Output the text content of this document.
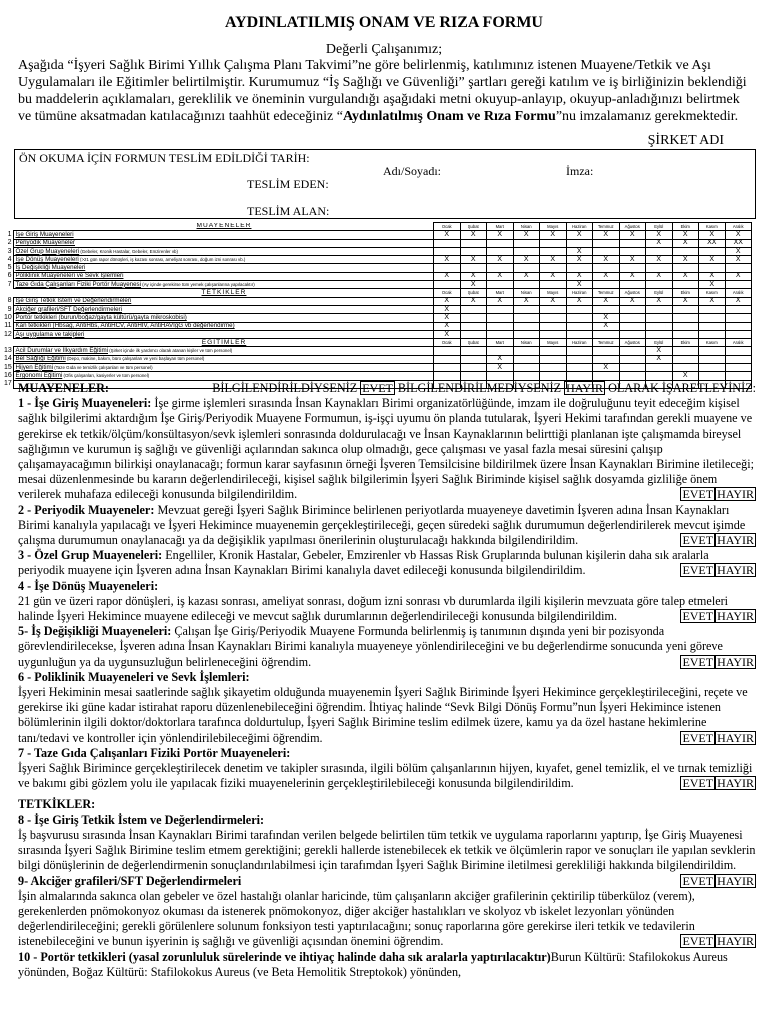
AYDINLATILMIŞ ONAM VE RIZA FORMU
Değerli Çalışanımız;
Aşağıda “İşyeri Sağlık Birimi Yıllık Çalışma Planı Takvimi”ne göre belirlenmiş, katılımınız istenen Muayene/Tetkik ve Aşı Uygulamaları ile Eğitimler belirtilmiştir. Kurumumuz “İş Sağlığı ve Güvenliği” şartları gereği katılım ve iş birliğinizin beklendiği bu maddelerin açıklamaları, gereklilik ve öneminin vurgulandığı aşağıdaki metni okuyup-anlayıp, okuyup-anladığınızı belirtmek ve tümüne aksatmadan katılacağınızı taahhüt edeceğiniz “Aydınlatılmış Onam ve Rıza Formu”nu imzalamanız gerekmektedir.
ŞİRKET ADI
ÖN OKUMA İÇİN FORMUN TESLİM EDİLDİĞİ TARİH:
Adı/Soyadı:	İmza:
TESLİM EDEN:
TESLİM ALAN:
	MUAYENELER	Ocak	Şubat	Mart	Nisan	Mayıs	Haziran	Temmuz	Ağustos	Eylül	Ekim	Kasım	Aralık
1	İşe Giriş Muayeneleri	X	X	X	X	X	X	X	X	X	X	X	X
2	Periyodik Muayeneler									X	X	XX	XX
3	Özel Grup Muayeneleri (Gebeler, Kronik Hastalar, Gebeler, Emzirenler vb)						X						X
4	İşe Dönüş Muayeneleri (>21 gün rapor dönüşleri, iş kazası sonrası, ameliyat sonrası, doğum izni sonrası vb.)	X	X	X	X	X	X	X	X	X	X	X	X
5	İş Değişikliği Muayeneleri												
6	Poliklinik Muayeneleri ve Sevk İşlemleri	X	X	X	X	X	X	X	X	X	X	X	X
7	Taze Gıda Çalışanları Fiziki Portör Muayenesi (Ay içinde gerekirse tüm yemek çalışanlarına yapılacaktır)		X				X					X	
	TETKİKLER	Ocak	Şubat	Mart	Nisan	Mayıs	Haziran	Temmuz	Ağustos	Eylül	Ekim	Kasım	Aralık
8	İşe Giriş Tetkik İstem ve Değerlendirmeleri	X	X	X	X	X	X	X	X	X	X	X	X
9	Akciğer grafileri/SFT Değerlendirmeleri	X											
10	Portör tetkikleri (burun/boğaz/gayta kültürü/gayta mikroskobisi)	X						X					
11	Kan tetkikleri (Hbsag, AntiHbs, AntiHCV, AntiHIV, AntiHAVIgG vb değerlendirme)	X						X					
12	Aşı uygulama ve takipleri	X											
	EĞİTİMLER	Ocak	Şubat	Mart	Nisan	Mayıs	Haziran	Temmuz	Ağustos	Eylül	Ekim	Kasım	Aralık
13	Acil Durumlar ve İlkyardım Eğitimi (Şirket içinde ilk yardımcı olarak atanan kişiler ve tüm personel)									X			
14	Bel Sağlığı Eğitimi (Depo, makine, bakım, büro çalışanları ve yeni başlayan tüm personel)			X						X			
15	Hijyen Eğitimi (Taze Gıda ve temizlik çalışanları ve tüm personel)			X				X					
16	Ergonomi Eğitimi (Ofis çalışanları, kasiyerler ve tüm personel)										X		
17													MUAYENELER:	BİLGİLENDİRİLDİYSENİZ EVET BİLGİLENDİRİLMEDİYSENİZ HAYIR OLARAK İŞARETLEYİNİZ:

1 - İşe Giriş Muayeneleri: İşe girme işlemleri sırasında İnsan Kaynakları Birimi organizatörlüğünde, imzam ile doğruluğunu teyit edeceğim kişisel sağlık bilgilerimi aktardığım İşe Giriş/Periyodik Muayene Formumun, iş-işçi uyumu ön planda tutularak, İşyeri Hekimi tarafından gerekli muayene ve gerekirse ek tetkik/ölçüm/konsültasyon/sevk işlemleri sonrasında doldurulacağı ve İnsan Kaynaklarının belirttiği planlanan işte çalışmamda bireysel sağlığımın ve kurumun iş sağlığı ve güvenliği açılarından sakınca olup olmadığı, gece çalışması ve yasal fazla mesai süresini çalışıp çalışamayacağımın bilirkişi onaylanacağı; formun karar sayfasının örneği İşveren Temsilcisine bildirilmek üzere İnsan Kaynakları Birimine iletileceği; mesai düzenlenmesinde bu kararın değerlendirileceği, kişisel sağlık bilgilerimin İşyeri Sağlık Biriminde kişisel sağlık dosyamda gizliliğe önem verilerek muhafaza edileceği konusunda bilgilendirildim.	EVET HAYIR

2 - Periyodik Muayeneler: Mevzuat gereği İşyeri Sağlık Birimince belirlenen periyotlarda muayeneye davetimin İşveren adına İnsan Kaynakları Birimi kanalıyla yapılacağı ve İşyeri Hekimince muayenemin gerçekleştirileceği, geçen süredeki sağlık durumumun değerlendirilerek mevcut işimde çalışma durumumun onaylanacağı ya da değişiklik yapılması önerilerinin oluşturulacağı hakkında bilgilendirildim.	EVET HAYIR

3 - Özel Grup Muayeneleri: Engelliler, Kronik Hastalar, Gebeler, Emzirenler vb Hassas Risk Gruplarında bulunan kişilerin daha sık aralarla periyodik muayene için İşveren adına İnsan Kaynakları Birimi kanalıyla davet edileceği konusunda bilgilendirildim.	EVET HAYIR

4 - İşe Dönüş Muayeneleri:
21 gün ve üzeri rapor dönüşleri, iş kazası sonrası, ameliyat sonrası, doğum izni sonrası vb durumlarda ilgili kişilerin mevzuata göre talep etmeleri halinde İşyeri Hekimince muayene edileceği ve mevcut sağlık durumlarının değerlendirileceği konusunda bilgilendirildim.	EVET HAYIR

5- İş Değişikliği Muayeneleri: Çalışan İşe Giriş/Periyodik Muayene Formunda belirlenmiş iş tanımının dışında yeni bir pozisyonda görevlendirilecekse, İşveren adına İnsan Kaynakları Birimi kanalıyla muayeneye yönlendirileceğini ve bu değerlendirme sonucunda yeni göreve uygunluğun ya da uygunsuzluğun belirleneceğini öğrendim.	EVET HAYIR

6 - Poliklinik Muayeneleri ve Sevk İşlemleri:
İşyeri Hekiminin mesai saatlerinde sağlık şikayetim olduğunda muayenemin İşyeri Sağlık Biriminde İşyeri Hekimince gerçekleştirileceğini, reçete ve gerekirse iki güne kadar istirahat raporu düzenlenebileceğini öğrendim. İhtiyaç halinde “Sevk Bilgi Dönüş Formu”nun İşyeri Hekimince istenen bölümlerinin ilgili doktor/doktorlara tarafınca doldurtulup, İşyeri Sağlık Birimine teslim edilmek üzere, kamu ya da özel hastane hekimlerine tanı/tedavi ve kontroller için yönlendirilebileceğimi öğrendim.	EVET HAYIR

7 - Taze Gıda Çalışanları Fiziki Portör Muayeneleri:
İşyeri Sağlık Birimince gerçekleştirilecek denetim ve takipler sırasında, ilgili bölüm çalışanlarının hijyen, kıyafet, genel temizlik, el ve tırnak temizliği ve bakımı gibi gözlem yolu ile yapılacak fiziki muayenelerinin gerçekleştirilebileceği konusunda bilgilendirildim.	EVET HAYIR

TETKİKLER:

8 - İşe Giriş Tetkik İstem ve Değerlendirmeleri:
İş başvurusu sırasında İnsan Kaynakları Birimi tarafından verilen belgede belirtilen tüm tetkik ve uygulama raporlarını yaptırıp, İşe Giriş Muayenesi sırasında İşyeri Sağlık Birimine teslim etmem gerektiğini; gerekli hallerde istenebilecek ek tetkik ve ölçümlerin rapor ve sonuçları ile yapılan sevklerin bilgi dönüşlerinin de değerlendirmenin sonuçlandırılabilmesi için tarafımdan İşyeri Sağlık Birimine iletilmesi gerekliliği hakkında bilgilendirildim.
EVET HAYIR

9- Akciğer grafileri/SFT Değerlendirmeleri
İşin almalarında sakınca olan gebeler ve özel hastalığı olanlar haricinde, tüm çalışanların akciğer grafilerinin çektirilip tüberküloz (verem), gerekenlerden pnömokonyoz okuması da istenerek pnömokonyoz, diğer akciğer hastalıkları ve skolyoz vb iskelet lezyonları yönünden değerlendirileceğini; gerekli görülenlere solunum fonksiyon testi yaptırılacağını; sonuç raporlarına göre gerekirse ileri tetkik ve tedavilerin istenebileceğini ve bunun işyerinin iş sağlığı ve güvenliği açısından önemini öğrendim.	EVET HAYIR

10 - Portör tetkikleri (yasal zorunluluk sürelerinde ve ihtiyaç halinde daha sık aralarla yaptırılacaktır)Burun Kültürü: Stafilokokus Aureus yönünden, Boğaz Kültürü: Stafilokokus Aureus (ve Beta Hemolitik Streptokok) yönünden,
